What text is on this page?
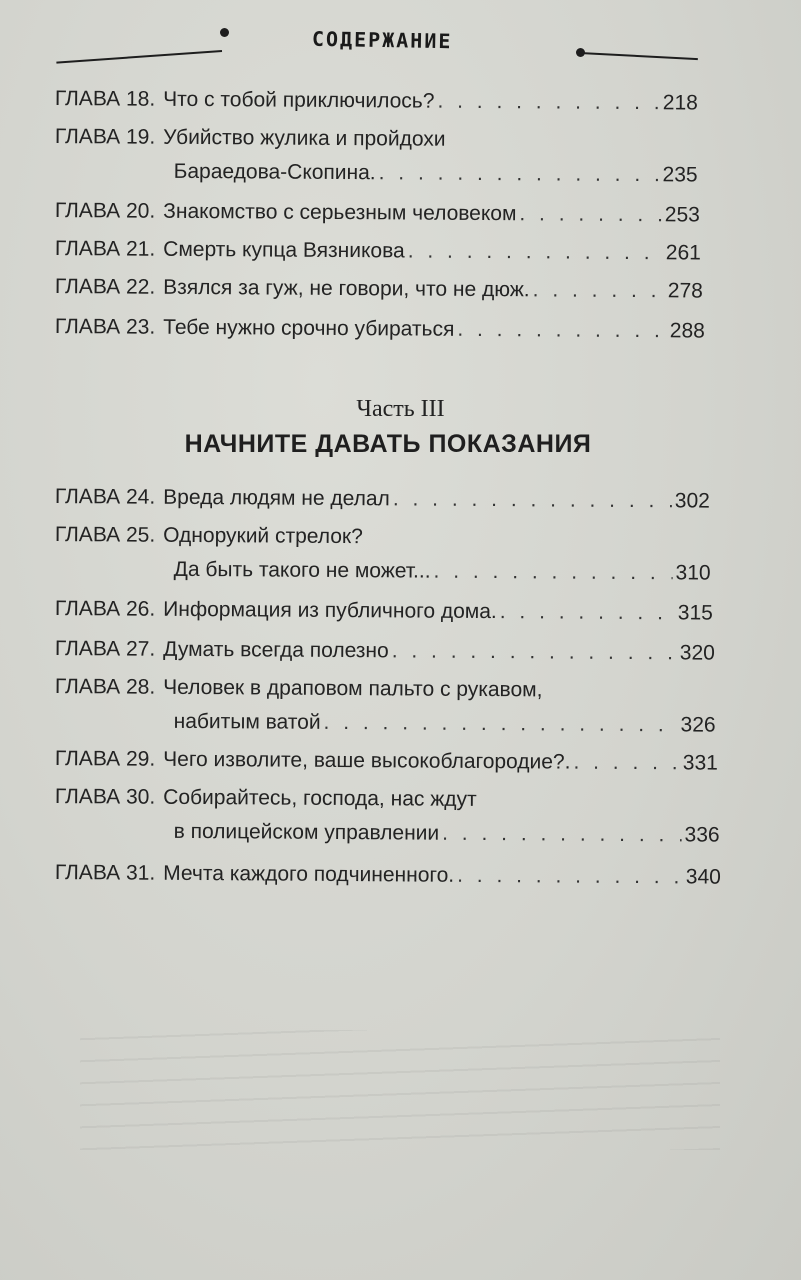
СОДЕРЖАНИЕ
ГЛАВА 18. Что с тобой приключилось? . . .	218
ГЛАВА 19. Убийство жулика и пройдохи
Бараедова-Скопина. . . .	235
ГЛАВА 20. Знакомство с серьезным человеком . . .	253
ГЛАВА 21. Смерть купца Вязникова . . .	261
ГЛАВА 22. Взялся за гуж, не говори, что не дюж. . . .	278
ГЛАВА 23. Тебе нужно срочно убираться . . .	288
Часть III
НАЧНИТЕ ДАВАТЬ ПОКАЗАНИЯ
ГЛАВА 24. Вреда людям не делал . . .	302
ГЛАВА 25. Однорукий стрелок?
Да быть такого не может... . . .	310
ГЛАВА 26. Информация из публичного дома. . . .	315
ГЛАВА 27. Думать всегда полезно . . .	320
ГЛАВА 28. Человек в драповом пальто с рукавом,
набитым ватой . . .	326
ГЛАВА 29. Чего изволите, ваше высокоблагородие?. . . .	331
ГЛАВА 30. Собирайтесь, господа, нас ждут
в полицейском управлении . . .	336
ГЛАВА 31. Мечта каждого подчиненного. . . .	340
